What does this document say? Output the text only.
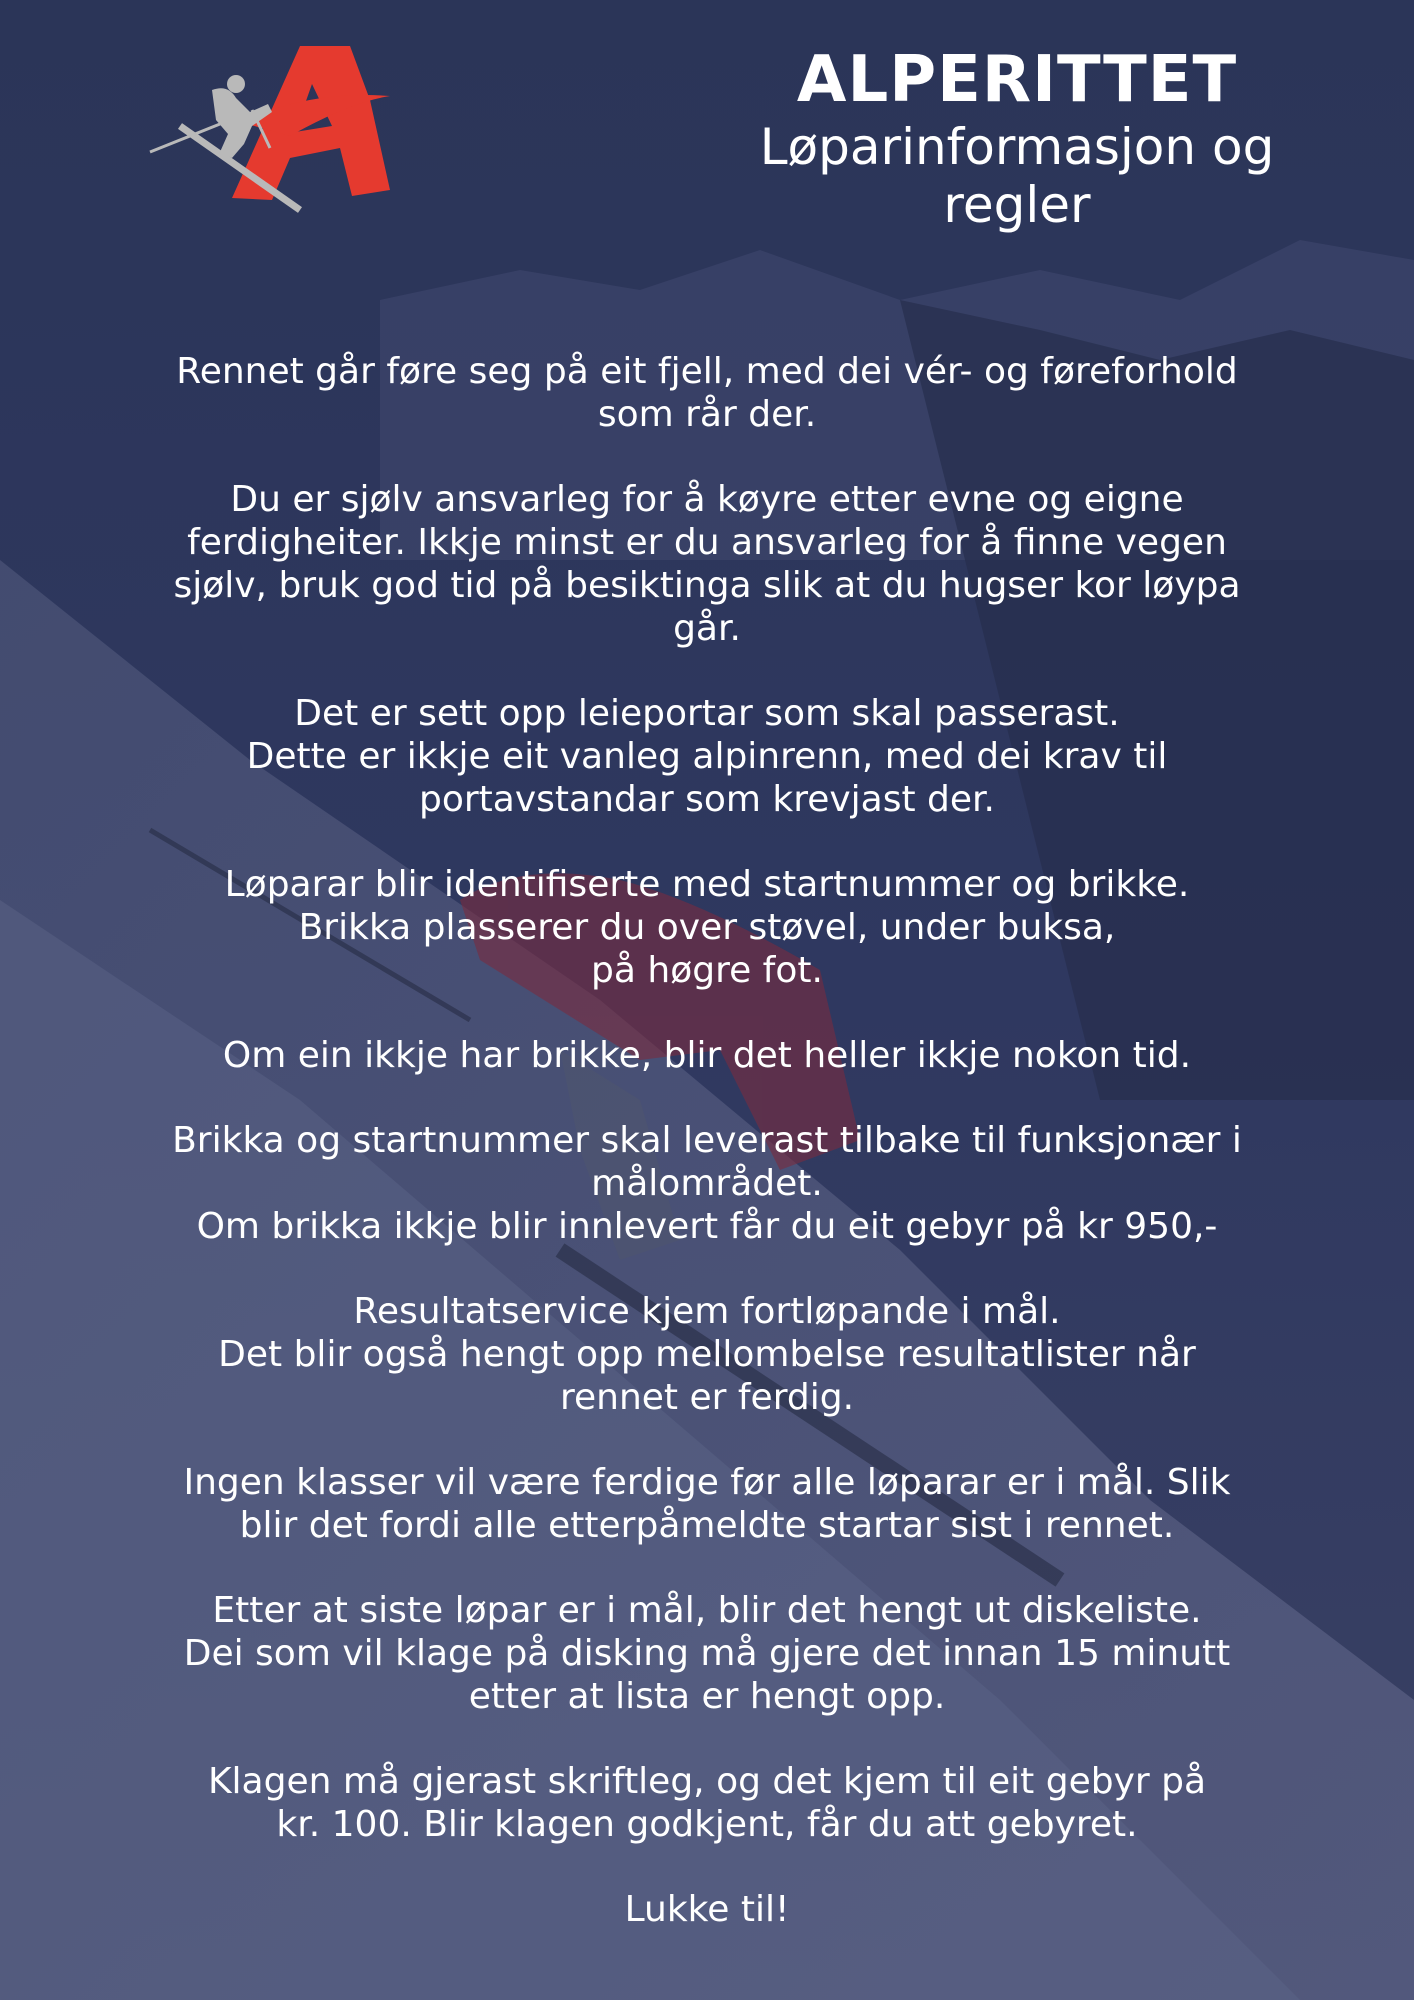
ALPERITTET
Løparinformasjon og
regler

Rennet går føre seg på eit fjell, med dei vér- og føreforhold
som rår der.

Du er sjølv ansvarleg for å køyre etter evne og eigne
ferdigheiter. Ikkje minst er du ansvarleg for å finne vegen
sjølv, bruk god tid på besiktinga slik at du hugser kor løypa
går.

Det er sett opp leieportar som skal passerast.
Dette er ikkje eit vanleg alpinrenn, med dei krav til
portavstandar som krevjast der.

Løparar blir identifiserte med startnummer og brikke.
Brikka plasserer du over støvel, under buksa,
på høgre fot.

Om ein ikkje har brikke, blir det heller ikkje nokon tid.

Brikka og startnummer skal leverast tilbake til funksjonær i
målområdet.
Om brikka ikkje blir innlevert får du eit gebyr på kr 950,-

Resultatservice kjem fortløpande i mål.
Det blir også hengt opp mellombelse resultatlister når
rennet er ferdig.

Ingen klasser vil være ferdige før alle løparar er i mål. Slik
blir det fordi alle etterpåmeldte startar sist i rennet.

Etter at siste løpar er i mål, blir det hengt ut diskeliste.
Dei som vil klage på disking må gjere det innan 15 minutt
etter at lista er hengt opp.

Klagen må gjerast skriftleg, og det kjem til eit gebyr på
kr. 100. Blir klagen godkjent, får du att gebyret.

Lukke til!
